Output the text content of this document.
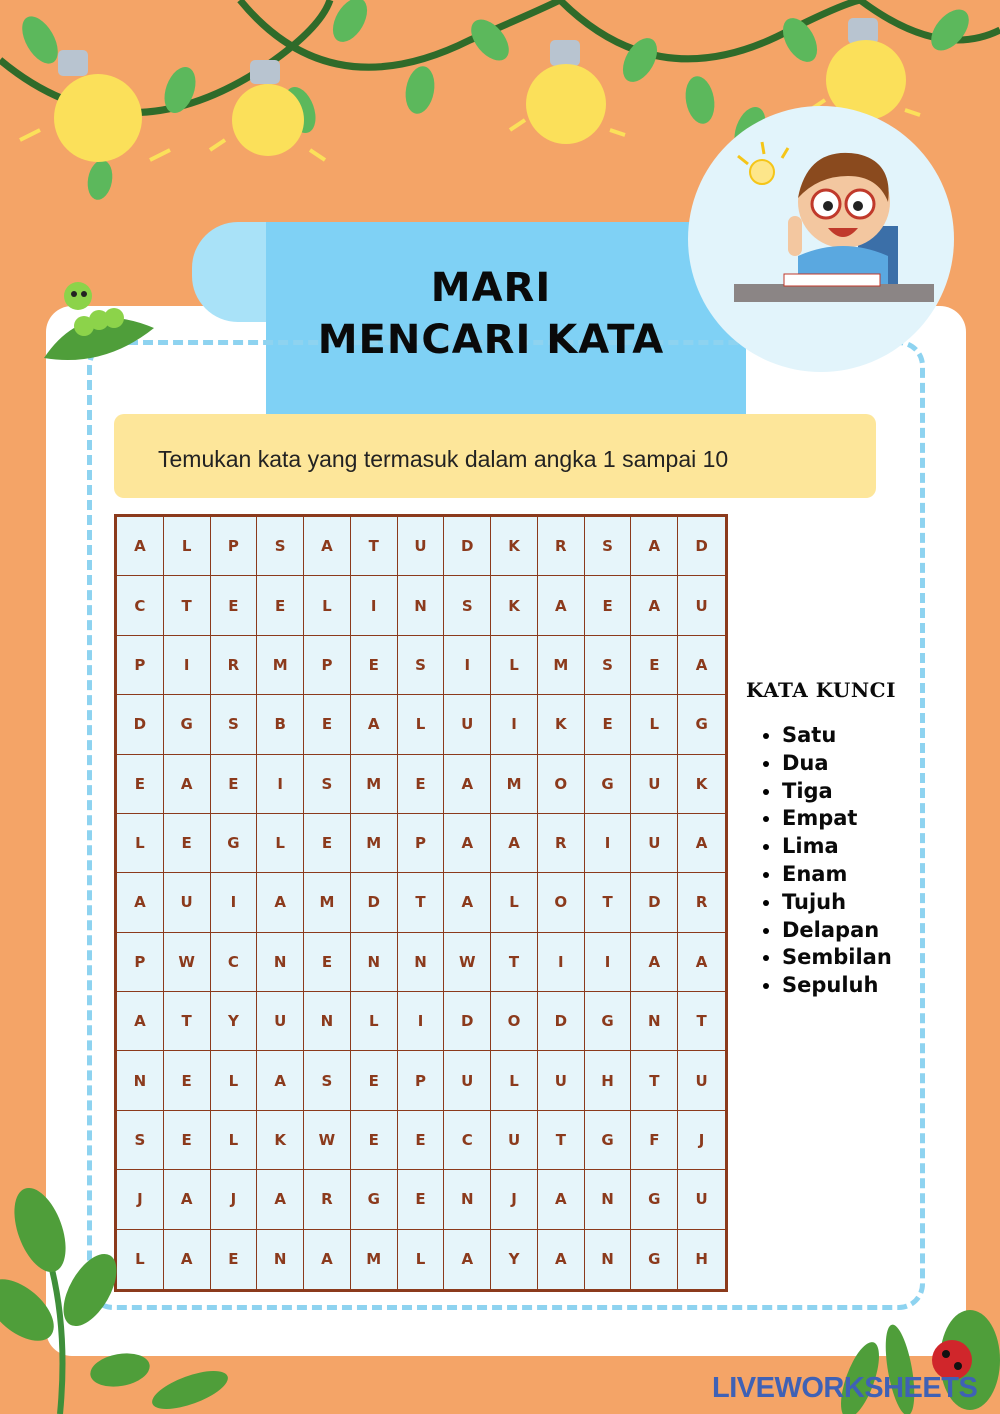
MARI
MENCARI KATA
Temukan kata yang termasuk dalam angka 1 sampai 10
A	L	P	S	A	T	U	D	K	R	S	A	D
C	T	E	E	L	I	N	S	K	A	E	A	U
P	I	R	M	P	E	S	I	L	M	S	E	A
D	G	S	B	E	A	L	U	I	K	E	L	G
E	A	E	I	S	M	E	A	M	O	G	U	K
L	E	G	L	E	M	P	A	A	R	I	U	A
A	U	I	A	M	D	T	A	L	O	T	D	R
P	W	C	N	E	N	N	W	T	I	I	A	A
A	T	Y	U	N	L	I	D	O	D	G	N	T
N	E	L	A	S	E	P	U	L	U	H	T	U
S	E	L	K	W	E	E	C	U	T	G	F	J
J	A	J	A	R	G	E	N	J	A	N	G	U
L	A	E	N	A	M	L	A	Y	A	N	G	H
KATA KUNCI
• Satu
• Dua
• Tiga
• Empat
• Lima
• Enam
• Tujuh
• Delapan
• Sembilan
• Sepuluh
LIVEWORKSHEETS
